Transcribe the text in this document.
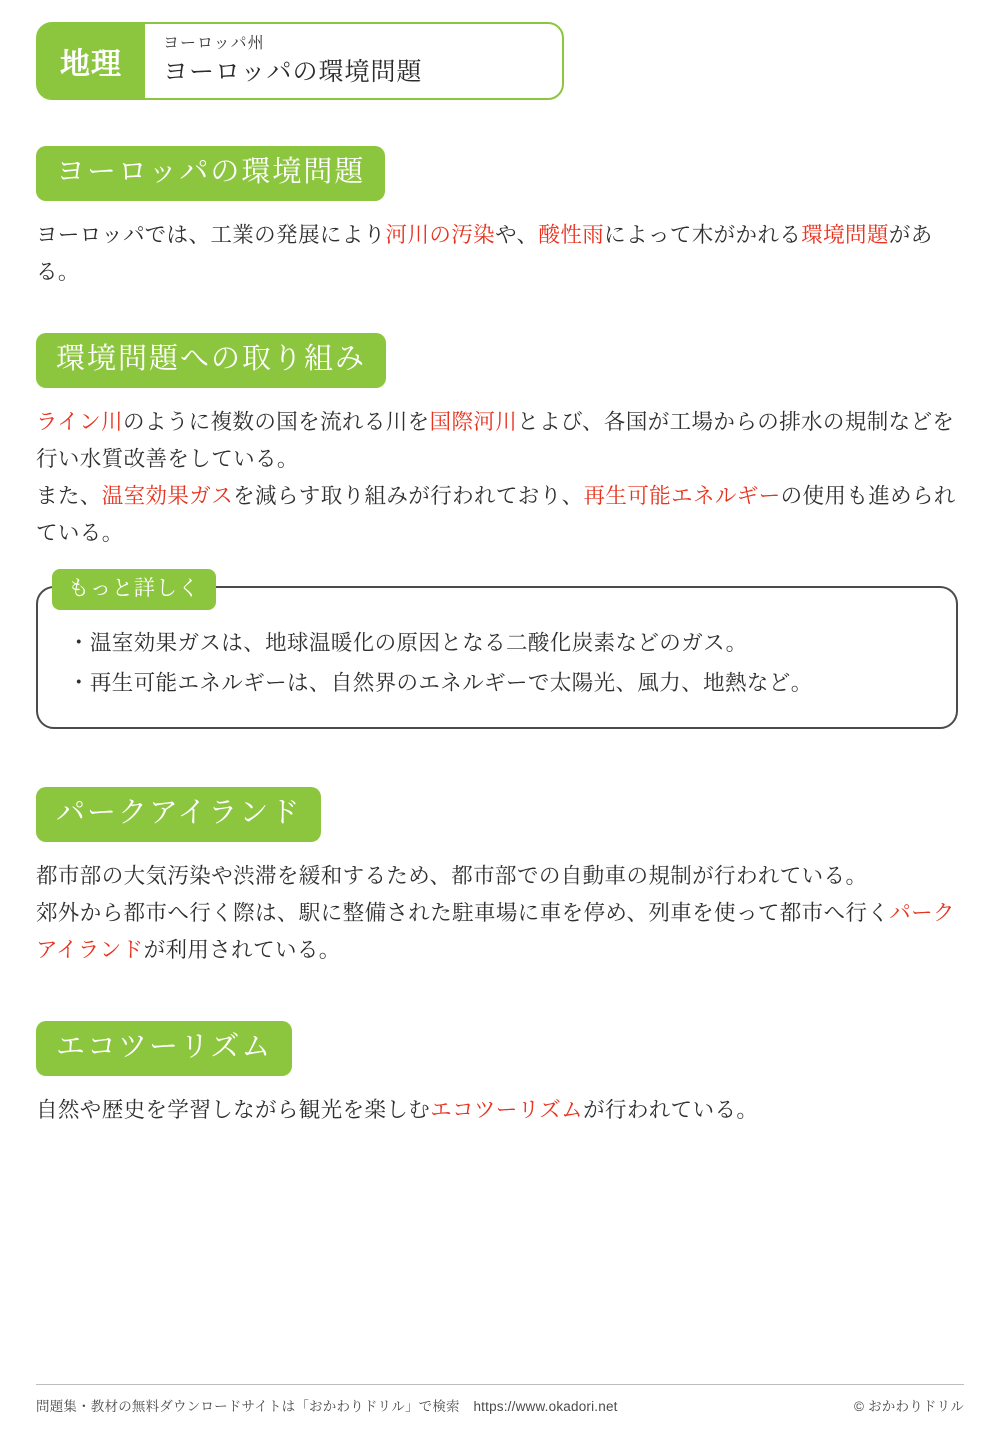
地理
ヨーロッパ州
ヨーロッパの環境問題
ヨーロッパの環境問題
ヨーロッパでは、工業の発展により河川の汚染や、酸性雨によって木がかれる環境問題がある。
環境問題への取り組み
ライン川のように複数の国を流れる川を国際河川とよび、各国が工場からの排水の規制などを行い水質改善をしている。
また、温室効果ガスを減らす取り組みが行われており、再生可能エネルギーの使用も進められている。
もっと詳しく
・温室効果ガスは、地球温暖化の原因となる二酸化炭素などのガス。
・再生可能エネルギーは、自然界のエネルギーで太陽光、風力、地熱など。
パークアイランド
都市部の大気汚染や渋滞を緩和するため、都市部での自動車の規制が行われている。
郊外から都市へ行く際は、駅に整備された駐車場に車を停め、列車を使って都市へ行くパークアイランドが利用されている。
エコツーリズム
自然や歴史を学習しながら観光を楽しむエコツーリズムが行われている。
問題集・教材の無料ダウンロードサイトは「おかわりドリル」で検索　https://www.okadori.net	© おかわりドリル
